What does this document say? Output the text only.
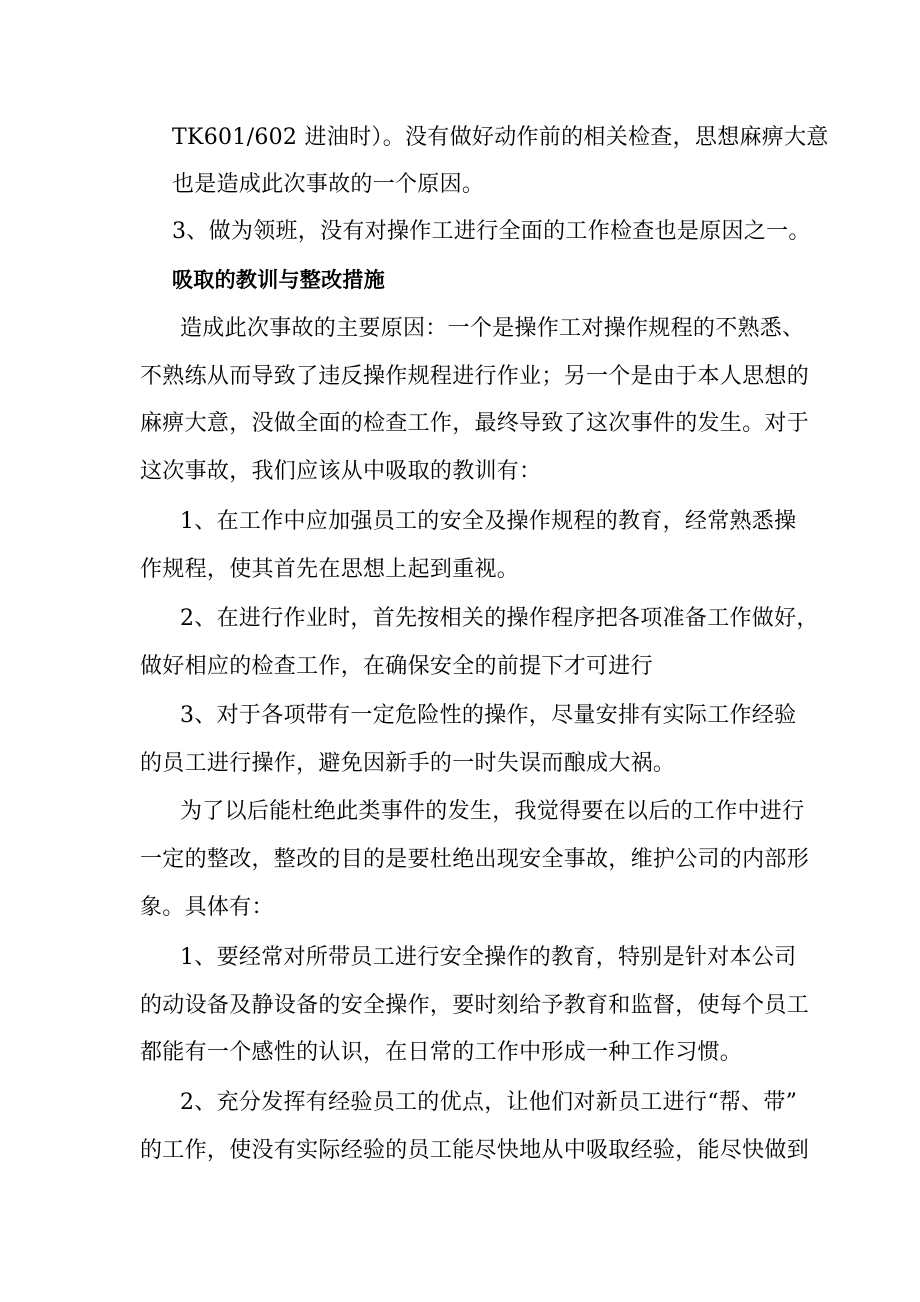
TK601/602 进油时）。没有做好动作前的相关检查，思想麻痹大意
也是造成此次事故的一个原因。
3、做为领班，没有对操作工进行全面的工作检查也是原因之一。
吸取的教训与整改措施
造成此次事故的主要原因：一个是操作工对操作规程的不熟悉、
不熟练从而导致了违反操作规程进行作业；另一个是由于本人思想的
麻痹大意，没做全面的检查工作，最终导致了这次事件的发生。对于
这次事故，我们应该从中吸取的教训有：
1、在工作中应加强员工的安全及操作规程的教育，经常熟悉操
作规程，使其首先在思想上起到重视。
2、在进行作业时，首先按相关的操作程序把各项准备工作做好，
做好相应的检查工作，在确保安全的前提下才可进行
3、对于各项带有一定危险性的操作，尽量安排有实际工作经验
的员工进行操作，避免因新手的一时失误而酿成大祸。
为了以后能杜绝此类事件的发生，我觉得要在以后的工作中进行
一定的整改，整改的目的是要杜绝出现安全事故，维护公司的内部形
象。具体有：
1、要经常对所带员工进行安全操作的教育，特别是针对本公司
的动设备及静设备的安全操作，要时刻给予教育和监督，使每个员工
都能有一个感性的认识，在日常的工作中形成一种工作习惯。
2、充分发挥有经验员工的优点，让他们对新员工进行“帮、带”
的工作，使没有实际经验的员工能尽快地从中吸取经验，能尽快做到
